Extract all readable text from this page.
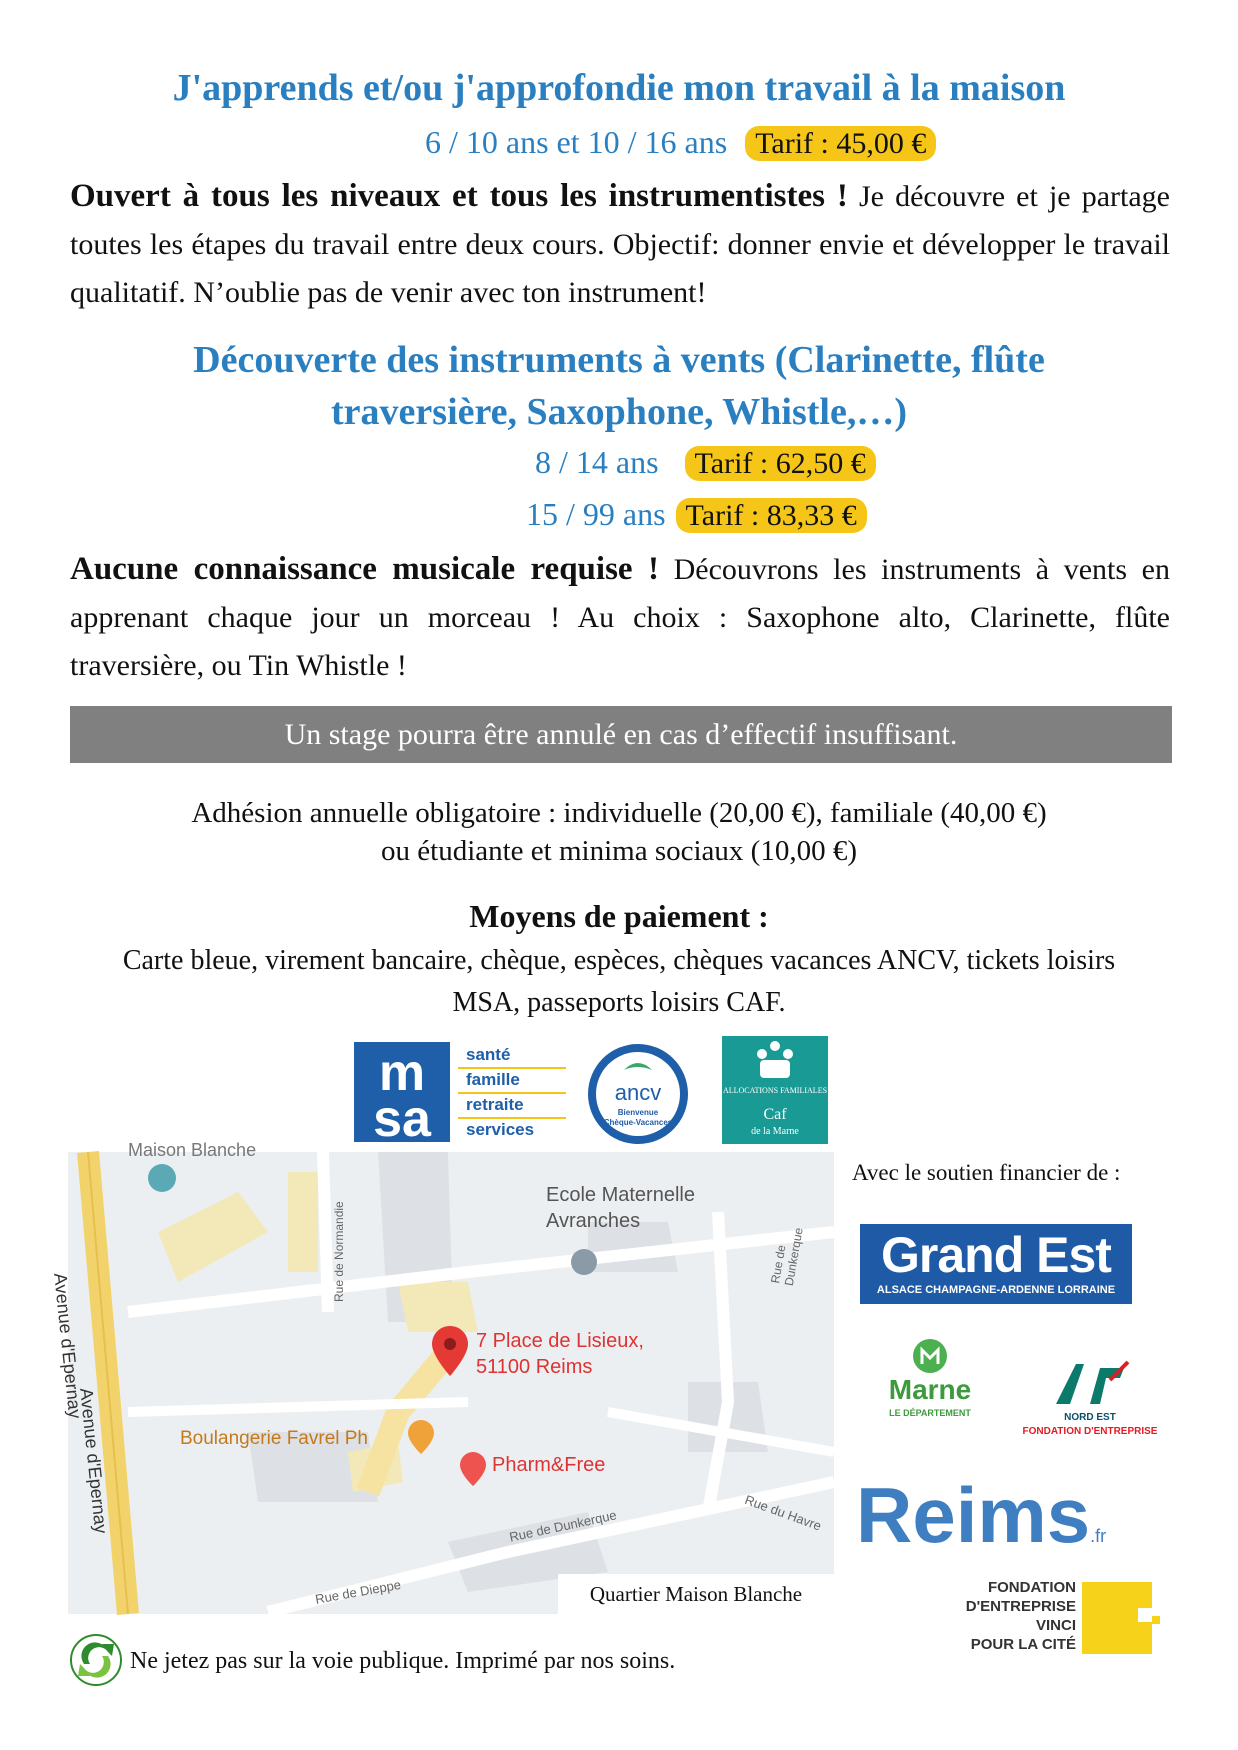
J'apprends et/ou j'approfondie mon travail à la maison
6 / 10 ans et 10 / 16 ans Tarif : 45,00 €
Ouvert à tous les niveaux et tous les instrumentistes ! Je découvre et je partage toutes les étapes du travail entre deux cours. Objectif: donner envie et développer le travail qualitatif. N’oublie pas de venir avec ton instrument!
Découverte des instruments à vents (Clarinette, flûte
traversière, Saxophone, Whistle,…)
8 / 14 ans Tarif : 62,50 €
15 / 99 ans Tarif : 83,33 €
Aucune connaissance musicale requise ! Découvrons les instruments à vents en apprenant chaque jour un morceau ! Au choix : Saxophone alto, Clarinette, flûte traversière, ou Tin Whistle !
Un stage pourra être annulé en cas d’effectif insuffisant.
Adhésion annuelle obligatoire : individuelle (20,00 €), familiale (40,00 €)
ou étudiante et minima sociaux (10,00 €)
Moyens de paiement :
Carte bleue, virement bancaire, chèque, espèces, chèques vacances ANCV, tickets loisirs
MSA, passeports loisirs CAF.
m
sa
santé
famille
retraite
services
ancv
Bienvenue
Chèque-Vacances
ALLOCATIONS FAMILIALES
Caf
de la Marne
Maison Blanche
Avenue d'Epernay
Avenue d'Epernay
Rue de Normandie
Ecole Maternelle
Avranches
7 Place de Lisieux,
51100 Reims
Boulangerie Favrel Ph
Pharm&Free
Rue de Dunkerque
Rue de Dunkerque	Rue du Havre
Rue de Dieppe	Quartier Maison Blanche
Avec le soutien financier de :
Grand Est
ALSACE CHAMPAGNE-ARDENNE LORRAINE
Marne
LE DÉPARTEMENT	NORD EST
FONDATION D'ENTREPRISE
Reims.fr
FONDATION
D'ENTREPRISE
VINCI
POUR LA CITÉ
Ne jetez pas sur la voie publique. Imprimé par nos soins.
